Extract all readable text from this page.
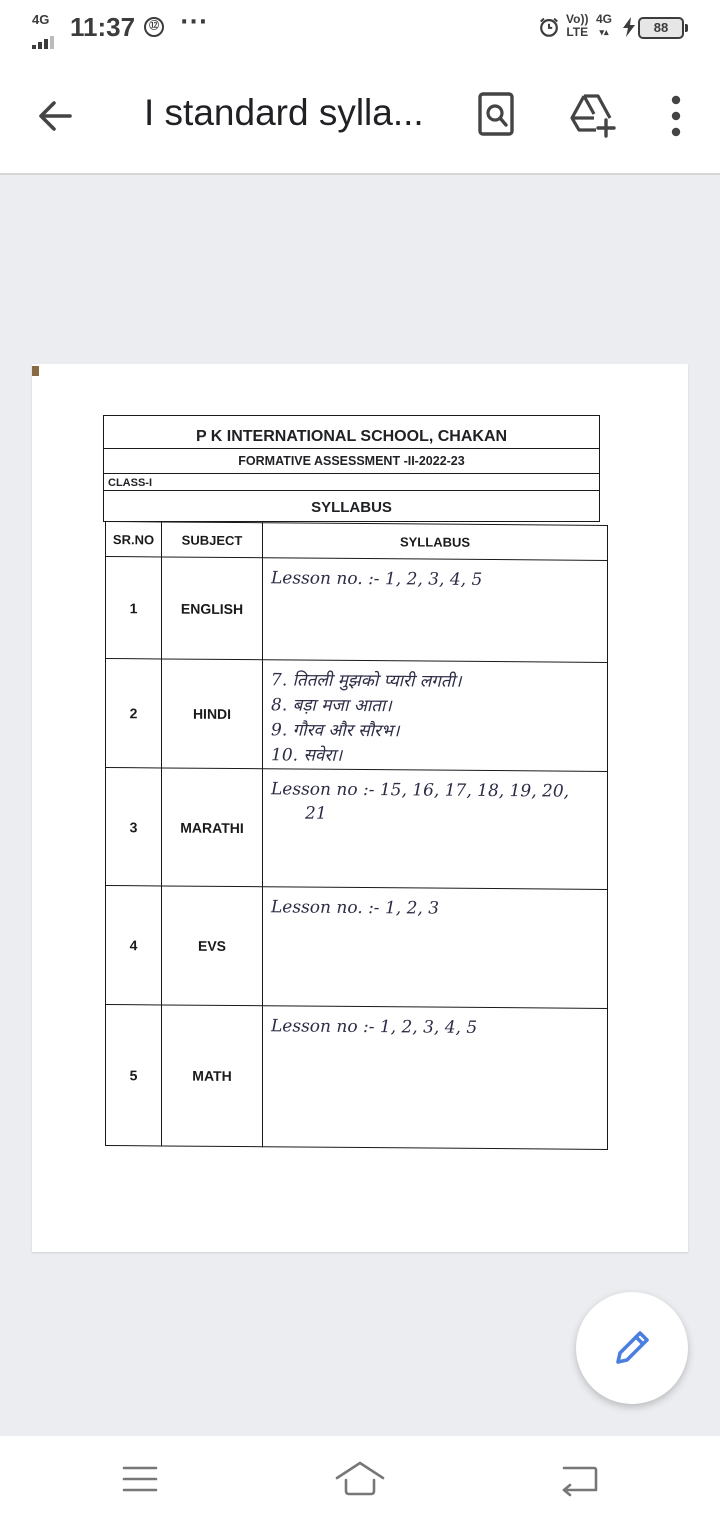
4G 11:37	⑫ ···	Vo))
LTE
4G
▾▴	88
I standard sylla...
P K INTERNATIONAL SCHOOL, CHAKAN
FORMATIVE ASSESSMENT -II-2022-23
CLASS-I
SYLLABUS
SR.NO	SUBJECT	SYLLABUS
1	ENGLISH	Lesson no. :- 1, 2, 3, 4, 5

2	HINDI	7. तितली मुझको प्यारी लगती।
8. बड़ा मजा आता।
9. गौरव और सौरभ।
10. सवेरा।

3	MARATHI	Lesson no :- 15, 16, 17, 18, 19, 20,
21

4	EVS	Lesson no. :- 1, 2, 3

5	MATH	Lesson no :- 1, 2, 3, 4, 5
